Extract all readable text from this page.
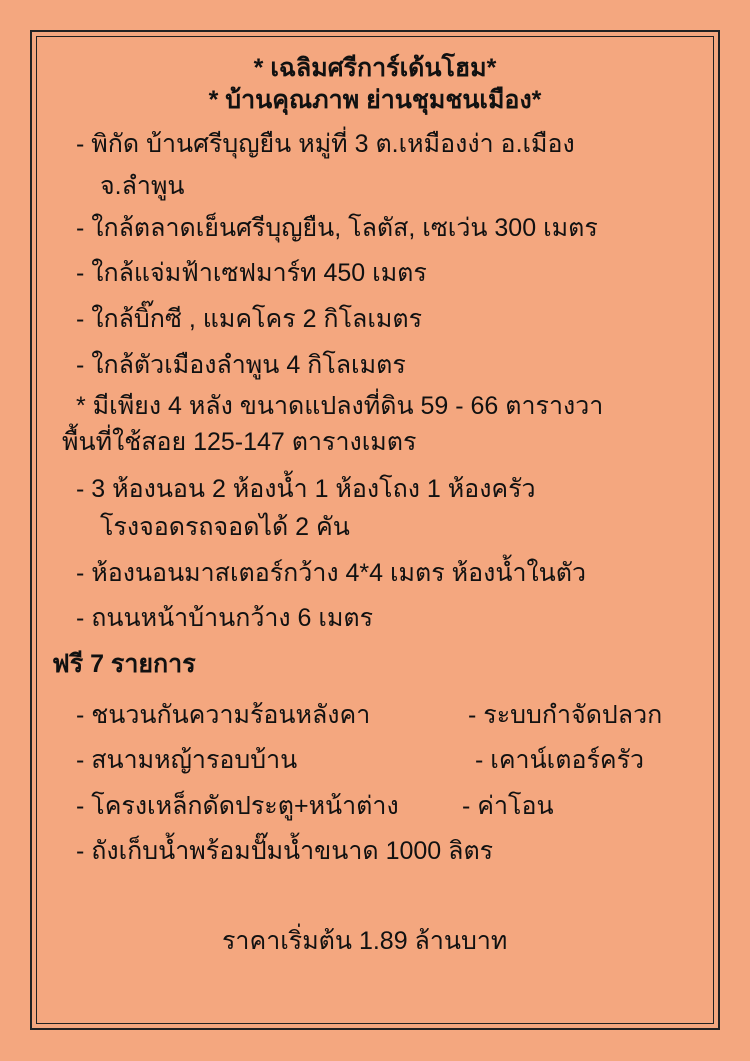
* เฉลิมศรีการ์เด้นโฮม*
* บ้านคุณภาพ ย่านชุมชนเมือง*
- พิกัด บ้านศรีบุญยืน หมู่ที่ 3 ต.เหมืองง่า อ.เมือง
จ.ลำพูน
- ใกล้ตลาดเย็นศรีบุญยืน, โลตัส, เซเว่น 300 เมตร
- ใกล้แจ่มฟ้าเซฟมาร์ท 450 เมตร
- ใกล้บิ๊กซี , แมคโคร 2 กิโลเมตร
- ใกล้ตัวเมืองลำพูน 4 กิโลเมตร
* มีเพียง 4 หลัง ขนาดแปลงที่ดิน 59 - 66 ตารางวา
พื้นที่ใช้สอย 125-147 ตารางเมตร
- 3 ห้องนอน 2 ห้องน้ำ 1 ห้องโถง 1 ห้องครัว
โรงจอดรถจอดได้ 2 คัน
- ห้องนอนมาสเตอร์กว้าง 4*4 เมตร ห้องน้ำในตัว
- ถนนหน้าบ้านกว้าง 6 เมตร
ฟรี 7 รายการ
- ชนวนกันความร้อนหลังคา	- ระบบกำจัดปลวก
- สนามหญ้ารอบบ้าน	- เคาน์เตอร์ครัว
- โครงเหล็กดัดประตู+หน้าต่าง	- ค่าโอน
- ถังเก็บน้ำพร้อมปั๊มน้ำขนาด 1000 ลิตร
ราคาเริ่มต้น 1.89 ล้านบาท
